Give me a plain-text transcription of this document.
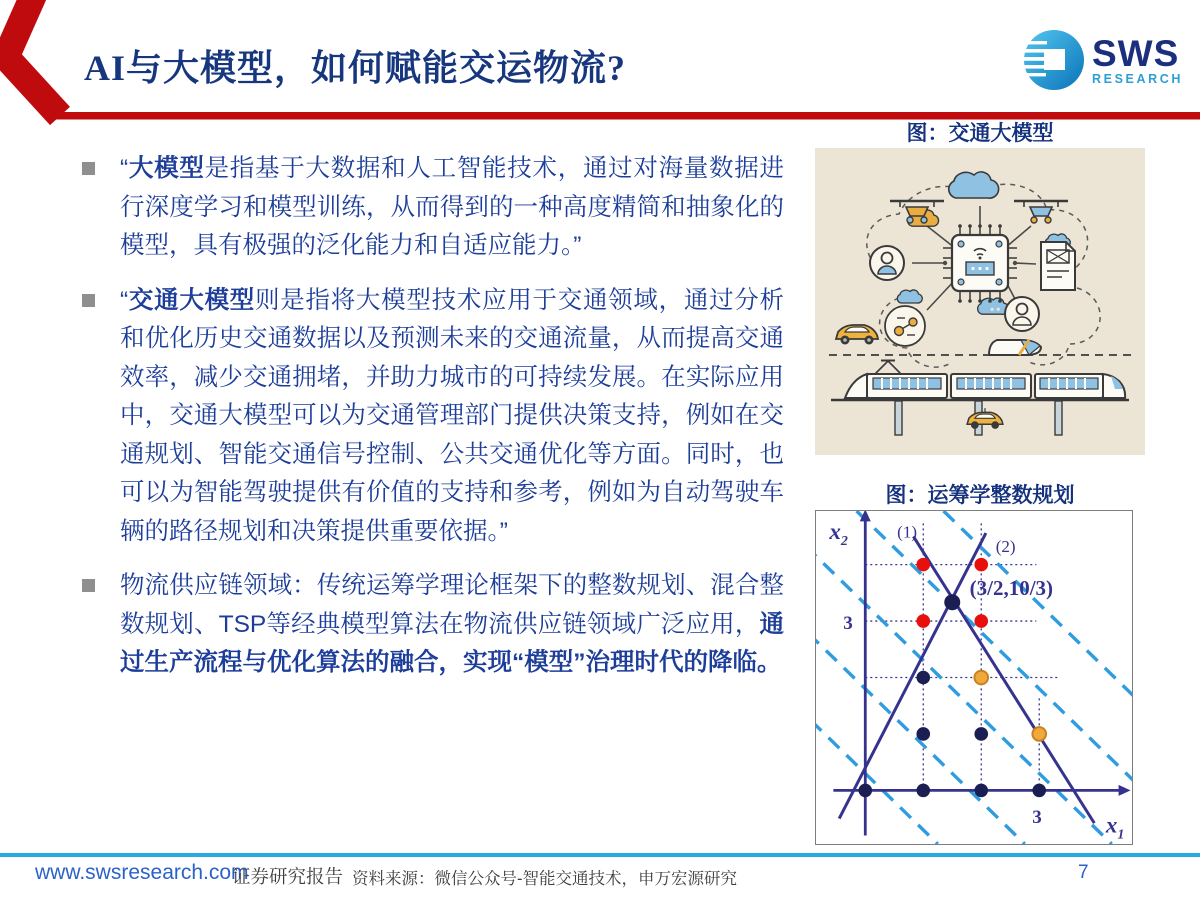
AI与大模型，如何赋能交运物流?	SWS
RESEARCH
“大模型是指基于大数据和人工智能技术，通过对海量数据进行深度学习和模型训练，从而得到的一种高度精简和抽象化的模型，具有极强的泛化能力和自适应能力。”
“交通大模型则是指将大模型技术应用于交通领域，通过分析和优化历史交通数据以及预测未来的交通流量，从而提高交通效率，减少交通拥堵，并助力城市的可持续发展。在实际应用中，交通大模型可以为交通管理部门提供决策支持，例如在交通规划、智能交通信号控制、公共交通优化等方面。同时，也可以为智能驾驶提供有价值的支持和参考，例如为自动驾驶车辆的路径规划和决策提供重要依据。”
物流供应链领域：传统运筹学理论框架下的整数规划、混合整数规划、TSP等经典模型算法在物流供应链领域广泛应用，通过生产流程与优化算法的融合，实现“模型”治理时代的降临。
图：交通大模型
图：运筹学整数规划
$x_2$
$x_1$
3
3
(1)
(2)
(3/2,10/3)
www.swsresearch.com
证券研究报告 资料来源：微信公众号-智能交通技术，申万宏源研究	7
